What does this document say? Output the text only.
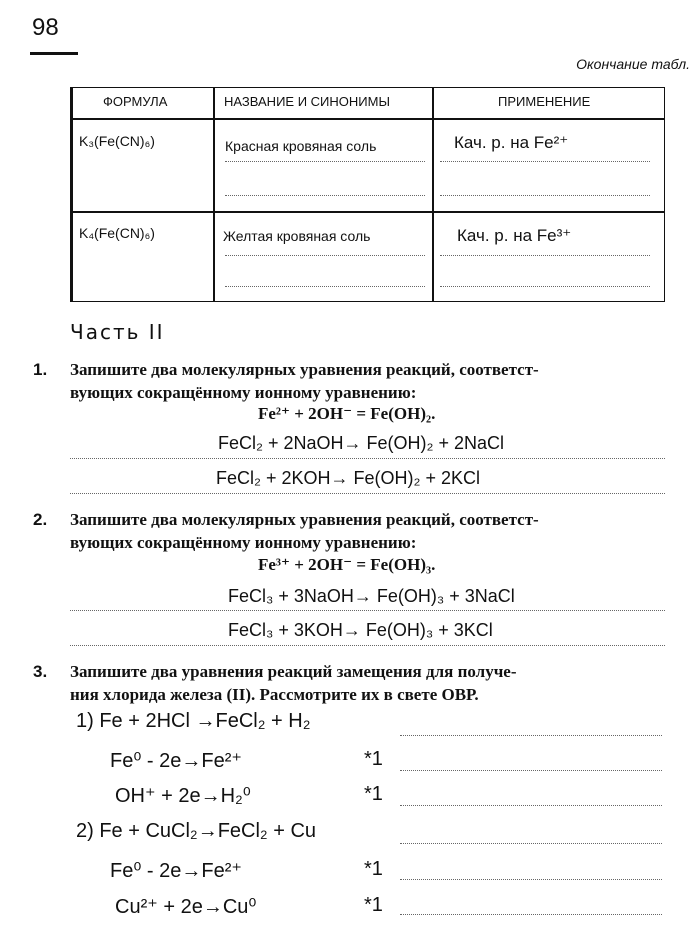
98
Окончание табл.
ФОРМУЛА	НАЗВАНИЕ И СИНОНИМЫ	ПРИМЕНЕНИЕ
K₃(Fe(CN)₆)	Красная кровяная соль	Кач. р. на Fe²⁺
K₄(Fe(CN)₆)	Желтая кровяная соль	Кач. р. на Fe³⁺
Часть II
1. Запишите два молекулярных уравнения реакций, соответст-
вующих сокращённому ионному уравнению:
Fe²⁺ + 2OH⁻ = Fe(OH)₂.
FeCl₂ + 2NaOH→ Fe(OH)₂ + 2NaCl
FeCl₂ + 2KOH→ Fe(OH)₂ + 2KCl
2. Запишите два молекулярных уравнения реакций, соответст-
вующих сокращённому ионному уравнению:
Fe³⁺ + 2OH⁻ = Fe(OH)₃.
FeCl₃ + 3NaOH→ Fe(OH)₃ + 3NaCl
FeCl₃ + 3KOH→ Fe(OH)₃ + 3KCl
3. Запишите два уравнения реакций замещения для получе-
ния хлорида железа (II). Рассмотрите их в свете ОВР.
1) Fe + 2HCl →FeCl₂ + H₂
Fe⁰ - 2e→Fe²⁺	*1
OH⁺ + 2e→H₂⁰	*1
2) Fe + CuCl₂→FeCl₂ + Cu
Fe⁰ - 2e→Fe²⁺	*1
Cu²⁺ + 2e→Cu⁰	*1
